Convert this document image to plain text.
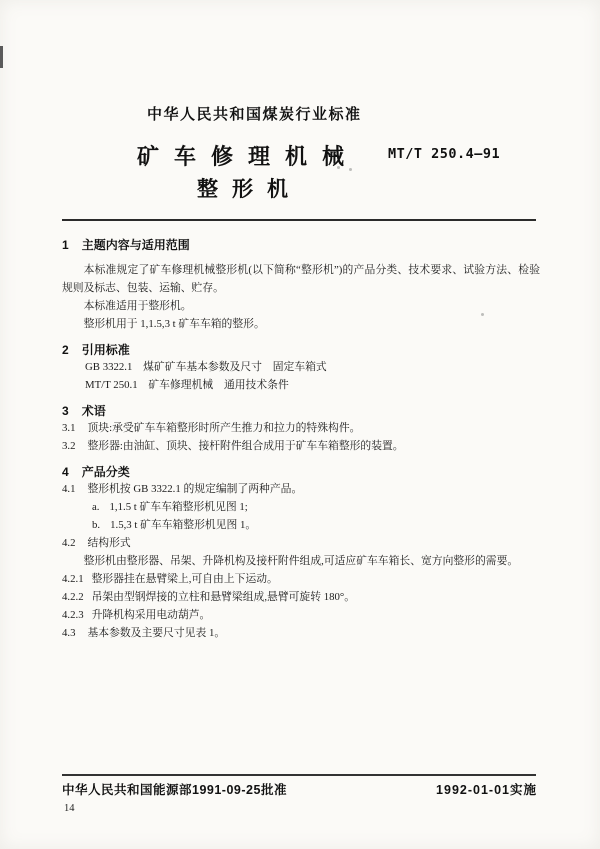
中华人民共和国煤炭行业标准
矿车修理机械 MT/T 250.4—91
整形机
1 主题内容与适用范围
本标准规定了矿车修理机械整形机(以下简称“整形机”)的产品分类、技术要求、试验方法、检验规则及标志、包装、运输、贮存。
本标准适用于整形机。
整形机用于 1,1.5,3 t 矿车车箱的整形。
2 引用标准
GB 3322.1　煤矿矿车基本参数及尺寸　固定车箱式
MT/T 250.1　矿车修理机械　通用技术条件
3 术语
3.1 顶块:承受矿车车箱整形时所产生推力和拉力的特殊构件。
3.2 整形器:由油缸、顶块、接杆附件组合成用于矿车车箱整形的装置。
4 产品分类
4.1 整形机按 GB 3322.1 的规定编制了两种产品。
a. 1,1.5 t 矿车车箱整形机见图 1;
b. 1.5,3 t 矿车车箱整形机见图 1。
4.2 结构形式
整形机由整形器、吊架、升降机构及接杆附件组成,可适应矿车车箱长、宽方向整形的需要。
4.2.1 整形器挂在悬臂梁上,可自由上下运动。
4.2.2 吊架由型钢焊接的立柱和悬臂梁组成,悬臂可旋转 180°。
4.2.3 升降机构采用电动葫芦。
4.3 基本参数及主要尺寸见表 1。
中华人民共和国能源部1991-09-25批准	1992-01-01实施
14
